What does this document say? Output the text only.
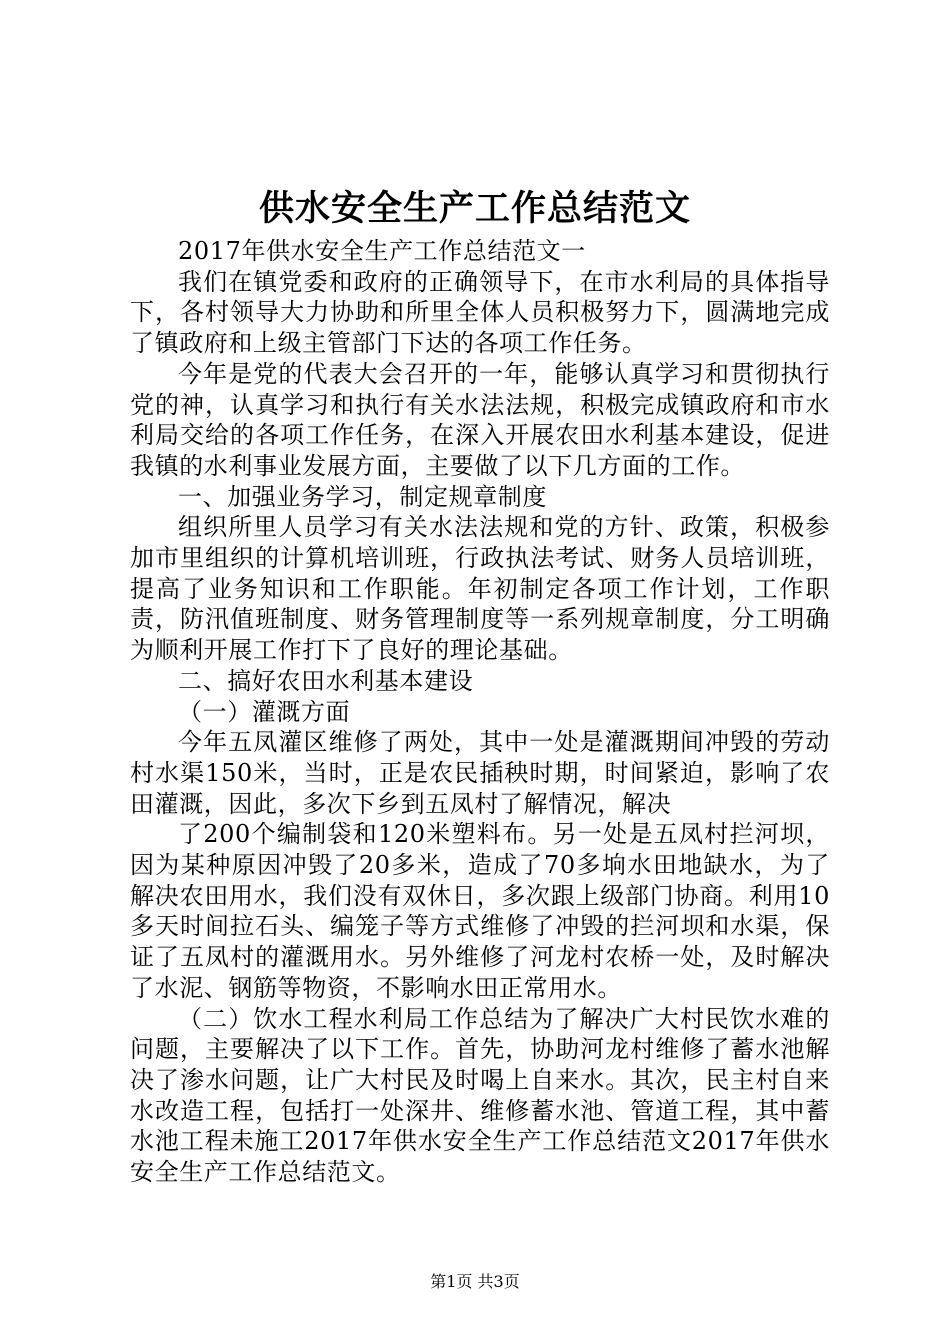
供水安全生产工作总结范文

2017年供水安全生产工作总结范文一

我们在镇党委和政府的正确领导下，在市水利局的具体指导下，各村领导大力协助和所里全体人员积极努力下，圆满地完成了镇政府和上级主管部门下达的各项工作任务。

今年是党的代表大会召开的一年，能够认真学习和贯彻执行党的神，认真学习和执行有关水法法规，积极完成镇政府和市水利局交给的各项工作任务，在深入开展农田水利基本建设，促进我镇的水利事业发展方面，主要做了以下几方面的工作。

一、加强业务学习，制定规章制度

组织所里人员学习有关水法法规和党的方针、政策，积极参加市里组织的计算机培训班，行政执法考试、财务人员培训班，提高了业务知识和工作职能。年初制定各项工作计划，工作职责，防汛值班制度、财务管理制度等一系列规章制度，分工明确为顺利开展工作打下了良好的理论基础。

二、搞好农田水利基本建设

（一）灌溉方面

今年五凤灌区维修了两处，其中一处是灌溉期间冲毁的劳动村水渠150米，当时，正是农民插秧时期，时间紧迫，影响了农田灌溉，因此，多次下乡到五凤村了解情况，解决

了200个编制袋和120米塑料布。另一处是五凤村拦河坝，因为某种原因冲毁了20多米，造成了70多垧水田地缺水，为了解决农田用水，我们没有双休日，多次跟上级部门协商。利用10多天时间拉石头、编笼子等方式维修了冲毁的拦河坝和水渠，保证了五凤村的灌溉用水。另外维修了河龙村农桥一处，及时解决了水泥、钢筋等物资，不影响水田正常用水。

（二）饮水工程水利局工作总结为了解决广大村民饮水难的问题，主要解决了以下工作。首先，协助河龙村维修了蓄水池解决了渗水问题，让广大村民及时喝上自来水。其次，民主村自来水改造工程，包括打一处深井、维修蓄水池、管道工程，其中蓄水池工程未施工2017年供水安全生产工作总结范文2017年供水安全生产工作总结范文。

第1页 共3页
